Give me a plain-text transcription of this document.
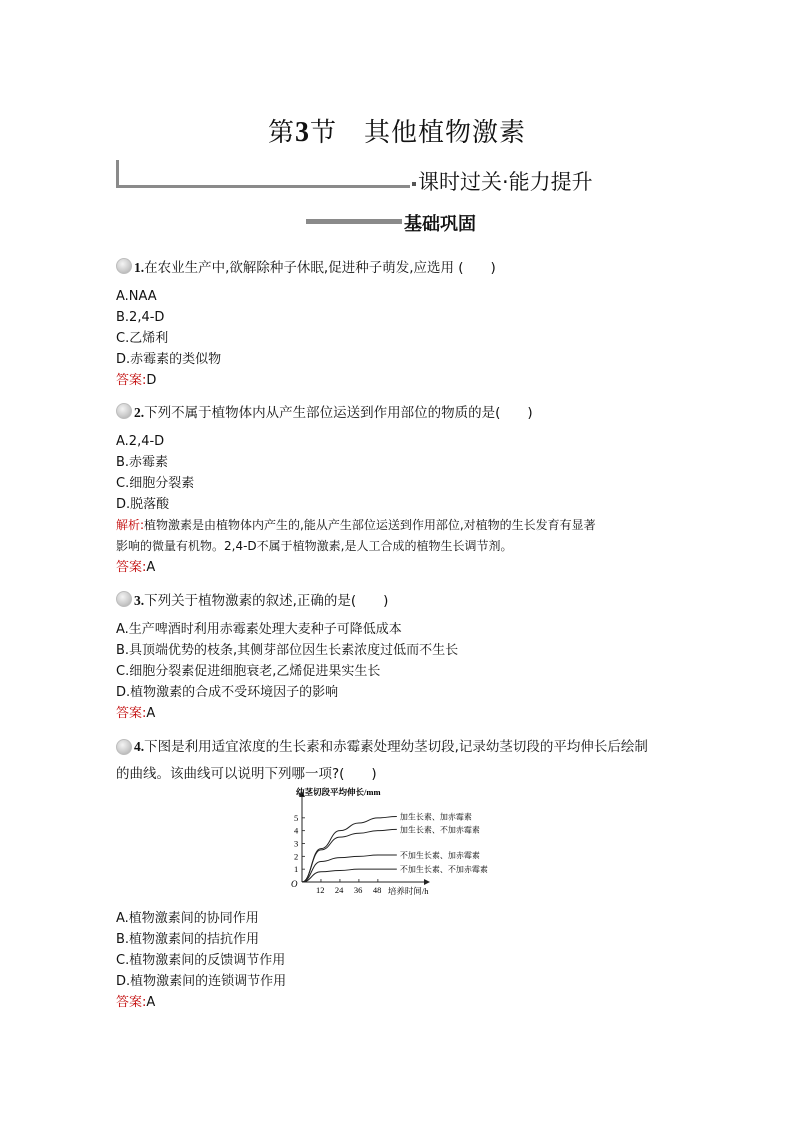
第3节　 其他植物激素
课时过关·能力提升
基础巩固
1.在农业生产中,欲解除种子休眠,促进种子萌发,应选用 (　　)
A.NAA
B.2,4-D
C.乙烯利
D.赤霉素的类似物
答案:D
2.下列不属于植物体内从产生部位运送到作用部位的物质的是(　　)
A.2,4-D
B.赤霉素
C.细胞分裂素
D.脱落酸
解析:植物激素是由植物体内产生的,能从产生部位运送到作用部位,对植物的生长发育有显著
影响的微量有机物。2,4-D不属于植物激素,是人工合成的植物生长调节剂。
答案:A
3.下列关于植物激素的叙述,正确的是(　　)
A.生产啤酒时利用赤霉素处理大麦种子可降低成本
B.具顶端优势的枝条,其侧芽部位因生长素浓度过低而不生长
C.细胞分裂素促进细胞衰老,乙烯促进果实生长
D.植物激素的合成不受环境因子的影响
答案:A
4.下图是利用适宜浓度的生长素和赤霉素处理幼茎切段,记录幼茎切段的平均伸长后绘制
的曲线。该曲线可以说明下列哪一项?(　　)
幼茎切段平均伸长/mm
O
1
2
3
4
5
12 24 36 48 培养时间/h
加生长素、加赤霉素
加生长素、不加赤霉素
不加生长素、加赤霉素
不加生长素、不加赤霉素
A.植物激素间的协同作用
B.植物激素间的拮抗作用
C.植物激素间的反馈调节作用
D.植物激素间的连锁调节作用
答案:A
